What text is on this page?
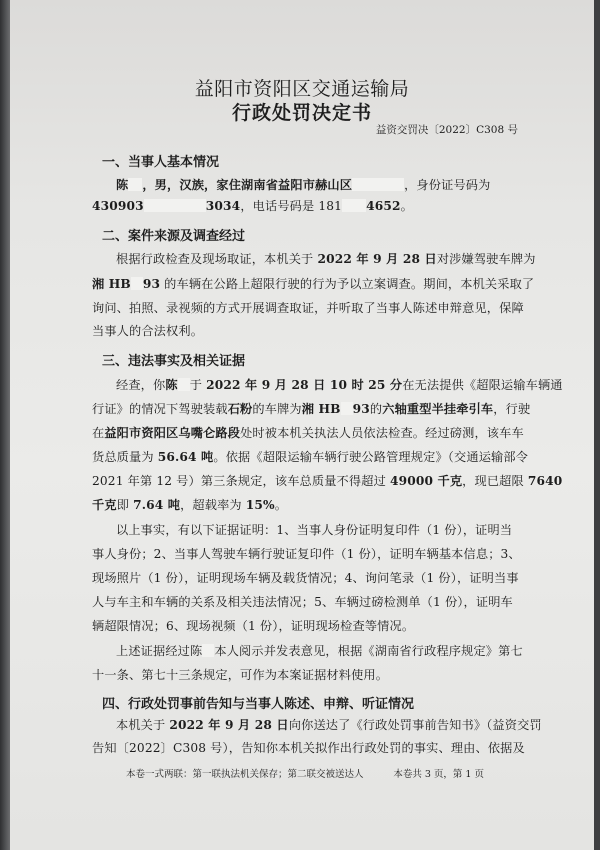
益阳市资阳区交通运输局
行政处罚决定书
益资交罚决〔2022〕C308 号
一、当事人基本情况
陈 ，男，汉族，家住湖南省益阳市赫山区	，身份证号码为
430903	3034，电话号码是 181 4652。
二、案件来源及调查经过
根据行政检查及现场取证，本机关于 2022 年 9 月 28 日对涉嫌驾驶车牌为
湘 HB 93 的车辆在公路上超限行驶的行为予以立案调查。期间，本机关采取了
询问、拍照、录视频的方式开展调查取证，并听取了当事人陈述申辩意见，保障
当事人的合法权利。
三、违法事实及相关证据
经查，你陈 于 2022 年 9 月 28 日 10 时 25 分在无法提供《超限运输车辆通
行证》的情况下驾驶装载石粉的车牌为湘 HB 93的六轴重型半挂牵引车，行驶
在益阳市资阳区乌嘴仑路段处时被本机关执法人员依法检查。经过磅测，该车车
货总质量为 56.64 吨。依据《超限运输车辆行驶公路管理规定》（交通运输部令
2021 年第 12 号）第三条规定，该车总质量不得超过 49000 千克，现已超限 7640
千克即 7.64 吨，超载率为 15%。
以上事实，有以下证据证明：1、当事人身份证明复印件（1 份），证明当
事人身份；2、当事人驾驶车辆行驶证复印件（1 份），证明车辆基本信息；3、
现场照片（1 份），证明现场车辆及载货情况；4、询问笔录（1 份），证明当事
人与车主和车辆的关系及相关违法情况；5、车辆过磅检测单（1 份），证明车
辆超限情况；6、现场视频（1 份），证明现场检查等情况。
上述证据经过陈 本人阅示并发表意见，根据《湖南省行政程序规定》第七
十一条、第七十三条规定，可作为本案证据材料使用。
四、行政处罚事前告知与当事人陈述、申辩、听证情况
本机关于 2022 年 9 月 28 日向你送达了《行政处罚事前告知书》（益资交罚
本卷一式两联：第一联执法机关保存；第二联交被送达人	本卷共 3 页，第 1 页
告知〔2022〕C308 号），告知你本机关拟作出行政处罚的事实、理由、依据及
